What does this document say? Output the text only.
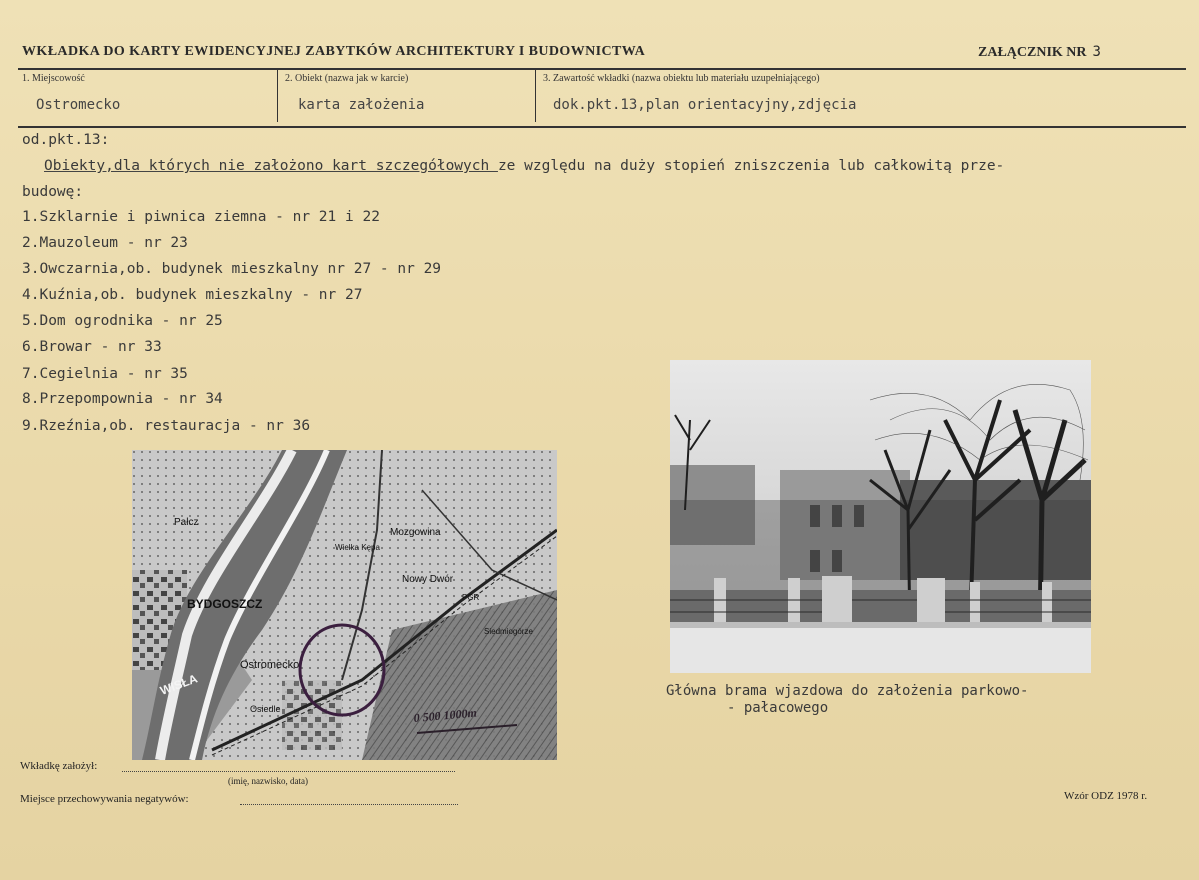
WKŁADKA DO KARTY EWIDENCYJNEJ ZABYTKÓW ARCHITEKTURY I BUDOWNICTWA	ZAŁĄCZNIK NR 3
1. Miejscowość
Ostromecko
2. Obiekt (nazwa jak w karcie)
karta założenia
3. Zawartość wkładki (nazwa obiektu lub materiału uzupełniającego)
dok.pkt.13,plan orientacyjny,zdjęcia
od.pkt.13:
Obiekty,dla których nie założono kart szczegółowych ze względu na duży stopień zniszczenia lub całkowitą prze-
budowę:
1.Szklarnie i piwnica ziemna - nr 21 i 22
2.Mauzoleum - nr 23
3.Owczarnia,ob. budynek mieszkalny nr 27 - nr 29
4.Kuźnia,ob. budynek mieszkalny - nr 27
5.Dom ogrodnika - nr 25
6.Browar - nr 33
7.Cegielnia - nr 35
8.Przepompownia - nr 34
9.Rzeźnia,ob. restauracja - nr 36
Pałcz
BYDGOSZCZ
WISŁA
Ostromecko
Mozgowina
Nowy Dwór
Siedmiogórze
Wielka Kępa
Osiedle
PGR
0 500 1000m
Główna brama wjazdowa do założenia parkowo-
- pałacowego
Wkładkę założył:
(imię, nazwisko, data)
Miejsce przechowywania negatywów:	Wzór ODZ 1978 r.
